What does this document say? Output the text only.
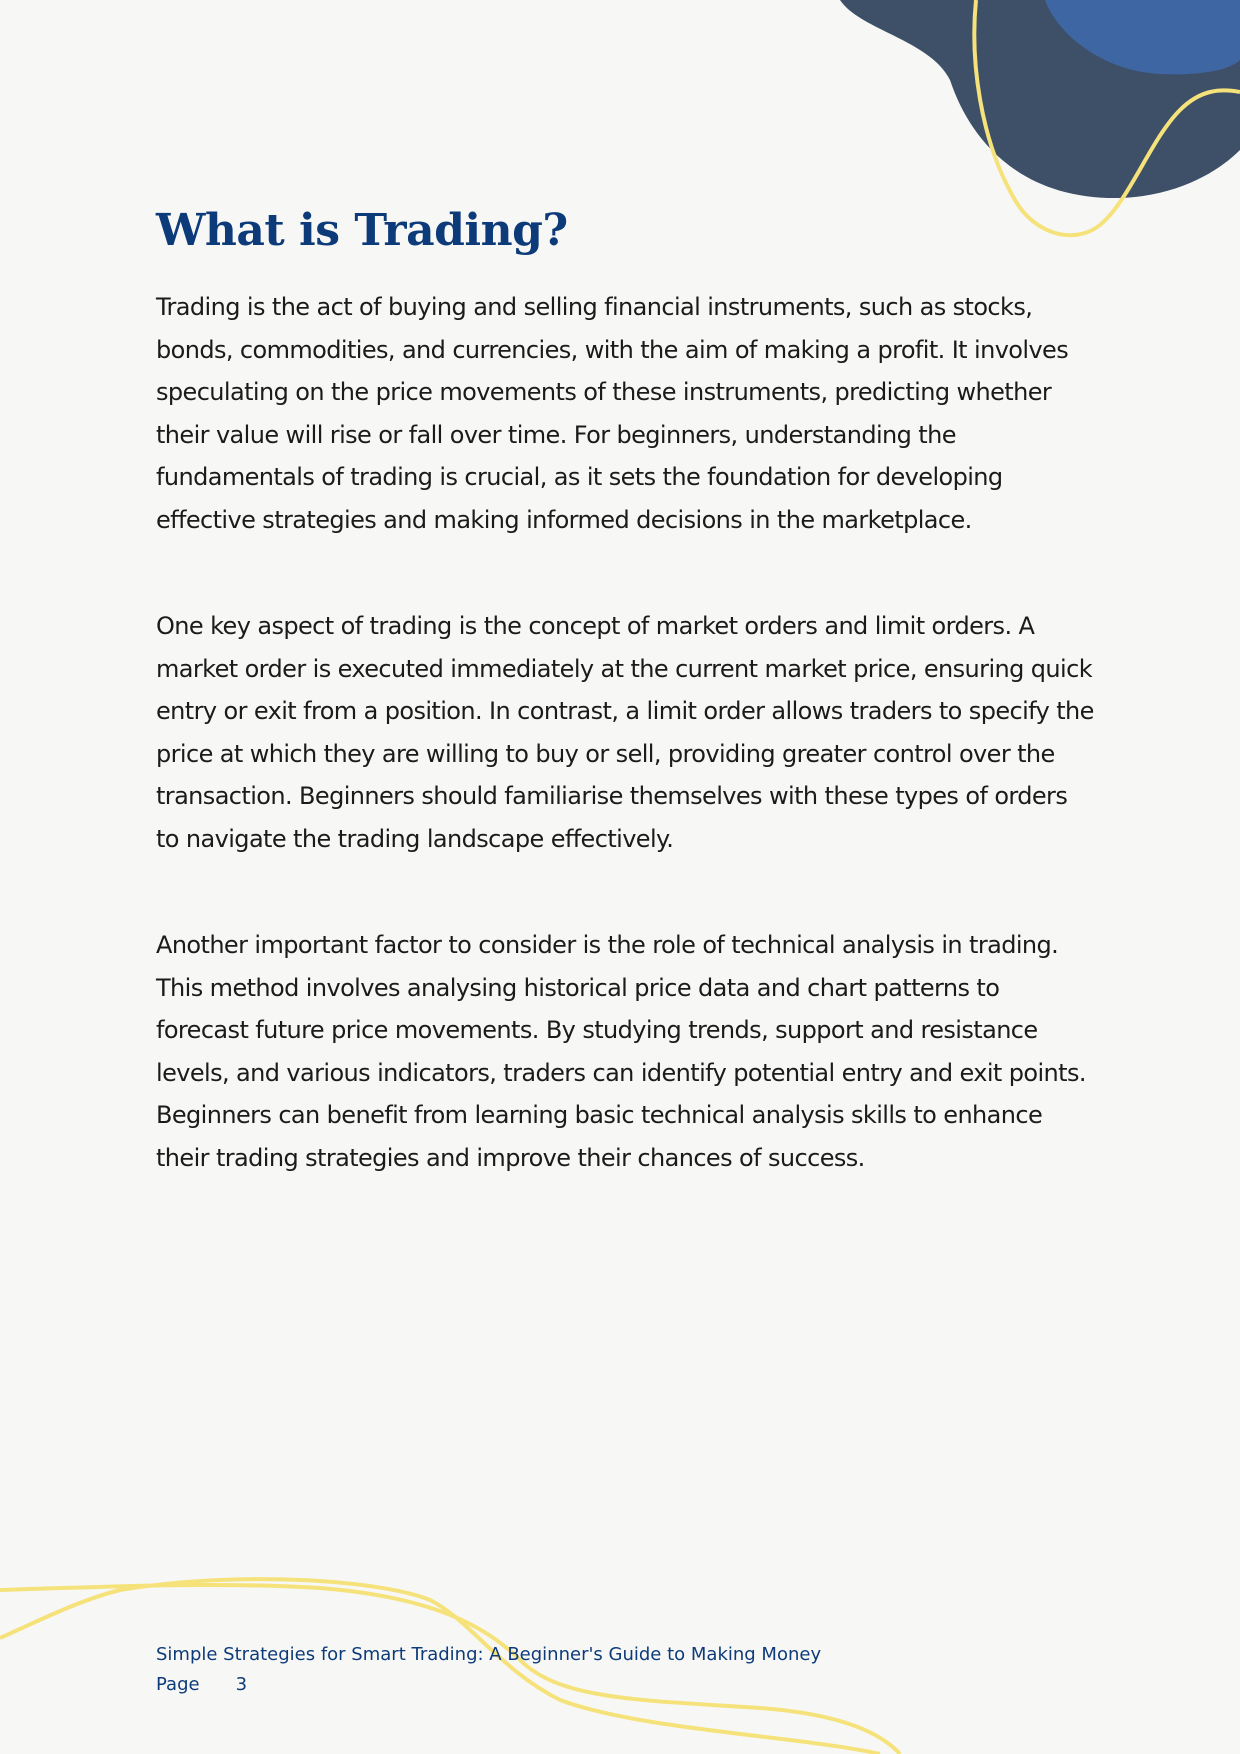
What is Trading?

Trading is the act of buying and selling financial instruments, such as stocks, bonds, commodities, and currencies, with the aim of making a profit. It involves speculating on the price movements of these instruments, predicting whether their value will rise or fall over time. For beginners, understanding the fundamentals of trading is crucial, as it sets the foundation for developing effective strategies and making informed decisions in the marketplace.

One key aspect of trading is the concept of market orders and limit orders. A market order is executed immediately at the current market price, ensuring quick entry or exit from a position. In contrast, a limit order allows traders to specify the price at which they are willing to buy or sell, providing greater control over the transaction. Beginners should familiarise themselves with these types of orders to navigate the trading landscape effectively.

Another important factor to consider is the role of technical analysis in trading. This method involves analysing historical price data and chart patterns to forecast future price movements. By studying trends, support and resistance levels, and various indicators, traders can identify potential entry and exit points. Beginners can benefit from learning basic technical analysis skills to enhance their trading strategies and improve their chances of success.

Simple Strategies for Smart Trading: A Beginner's Guide to Making Money
Page 3
